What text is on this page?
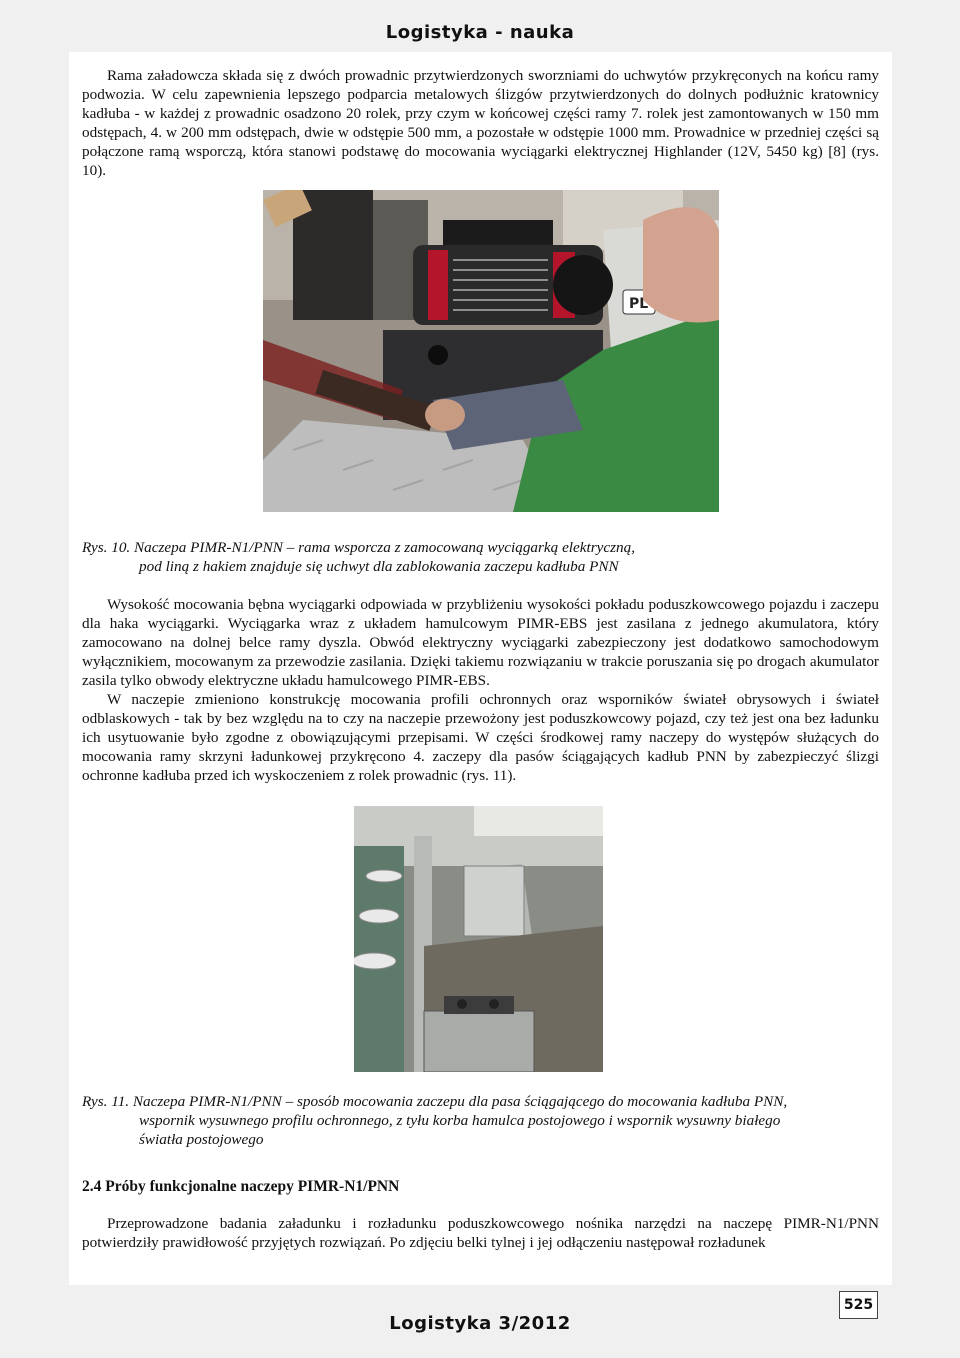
Logistyka - nauka

Rama załadowcza składa się z dwóch prowadnic przytwierdzonych sworzniami do uchwytów przykręconych na końcu ramy podwozia. W celu zapewnienia lepszego podparcia metalowych ślizgów przytwierdzonych do dolnych podłużnic kratownicy kadłuba - w każdej z prowadnic osadzono 20 rolek, przy czym w końcowej części ramy 7. rolek jest zamontowanych w 150 mm odstępach, 4. w 200 mm odstępach, dwie w odstępie 500 mm, a pozostałe w odstępie 1000 mm. Prowadnice w przedniej części są połączone ramą wsporczą, która stanowi podstawę do mocowania wyciągarki elektrycznej Highlander (12V, 5450 kg) [8] (rys. 10).

PL
Rys. 10. Naczepa PIMR-N1/PNN – rama wsporcza z zamocowaną wyciągarką elektryczną,
pod liną z hakiem znajduje się uchwyt dla zablokowania zaczepu kadłuba PNN

Wysokość mocowania bębna wyciągarki odpowiada w przybliżeniu wysokości pokładu poduszkowcowego pojazdu i zaczepu dla haka wyciągarki. Wyciągarka wraz z układem hamulcowym PIMR-EBS jest zasilana z jednego akumulatora, który zamocowano na dolnej belce ramy dyszla. Obwód elektryczny wyciągarki zabezpieczony jest dodatkowo samochodowym wyłącznikiem, mocowanym za przewodzie zasilania. Dzięki takiemu rozwiązaniu w trakcie poruszania się po drogach akumulator zasila tylko obwody elektryczne układu hamulcowego PIMR-EBS.

W naczepie zmieniono konstrukcję mocowania profili ochronnych oraz wsporników świateł obrysowych i świateł odblaskowych - tak by bez względu na to czy na naczepie przewożony jest poduszkowcowy pojazd, czy też jest ona bez ładunku ich usytuowanie było zgodne z obowiązującymi przepisami. W części środkowej ramy naczepy do występów służących do mocowania ramy skrzyni ładunkowej przykręcono 4. zaczepy dla pasów ściągających kadłub PNN by zabezpieczyć ślizgi ochronne kadłuba przed ich wyskoczeniem z rolek prowadnic (rys. 11).

Rys. 11. Naczepa PIMR-N1/PNN – sposób mocowania zaczepu dla pasa ściągającego do mocowania kadłuba PNN,
wspornik wysuwnego profilu ochronnego, z tyłu korba hamulca postojowego i wspornik wysuwny białego
światła postojowego
2.4 Próby funkcjonalne naczepy PIMR-N1/PNN

Przeprowadzone badania załadunku i rozładunku poduszkowcowego nośnika narzędzi na naczepę PIMR-N1/PNN potwierdziły prawidłowość przyjętych rozwiązań. Po zdjęciu belki tylnej i jej odłączeniu następował rozładunek

525
Logistyka 3/2012
